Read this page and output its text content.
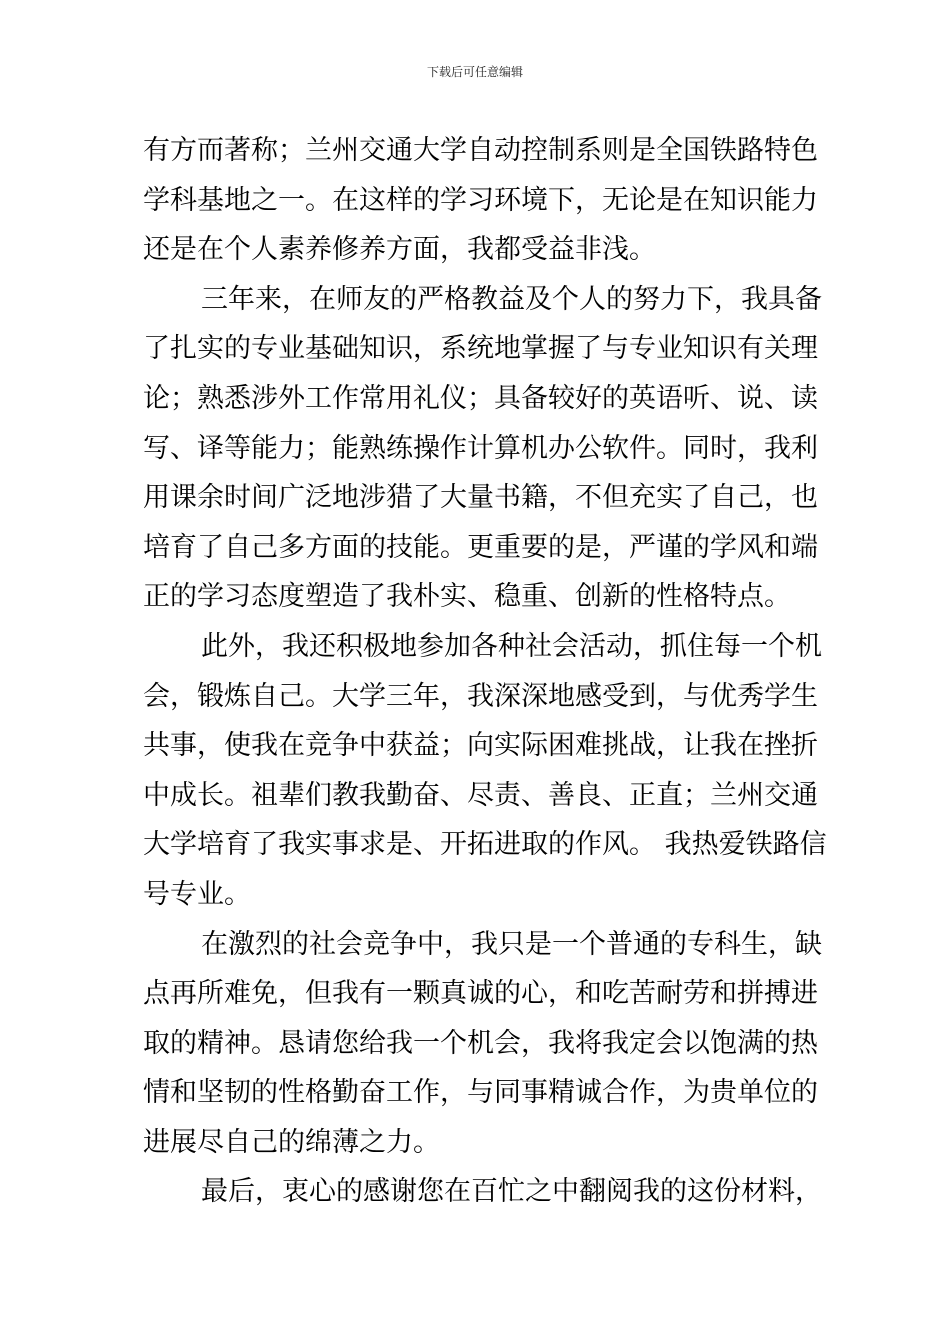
下载后可任意编辑
有方而著称；兰州交通大学自动控制系则是全国铁路特色
学科基地之一。在这样的学习环境下，无论是在知识能力
还是在个人素养修养方面，我都受益非浅。
三年来，在师友的严格教益及个人的努力下，我具备
了扎实的专业基础知识，系统地掌握了与专业知识有关理
论；熟悉涉外工作常用礼仪；具备较好的英语听、说、读
写、译等能力；能熟练操作计算机办公软件。同时，我利
用课余时间广泛地涉猎了大量书籍，不但充实了自己，也
培育了自己多方面的技能。更重要的是，严谨的学风和端
正的学习态度塑造了我朴实、稳重、创新的性格特点。
此外，我还积极地参加各种社会活动，抓住每一个机
会，锻炼自己。大学三年，我深深地感受到，与优秀学生
共事，使我在竞争中获益；向实际困难挑战，让我在挫折
中成长。祖辈们教我勤奋、尽责、善良、正直；兰州交通
大学培育了我实事求是、开拓进取的作风。 我热爱铁路信
号专业。
在激烈的社会竞争中，我只是一个普通的专科生，缺
点再所难免，但我有一颗真诚的心，和吃苦耐劳和拼搏进
取的精神。恳请您给我一个机会，我将我定会以饱满的热
情和坚韧的性格勤奋工作，与同事精诚合作，为贵单位的
进展尽自己的绵薄之力。
最后，衷心的感谢您在百忙之中翻阅我的这份材料，
